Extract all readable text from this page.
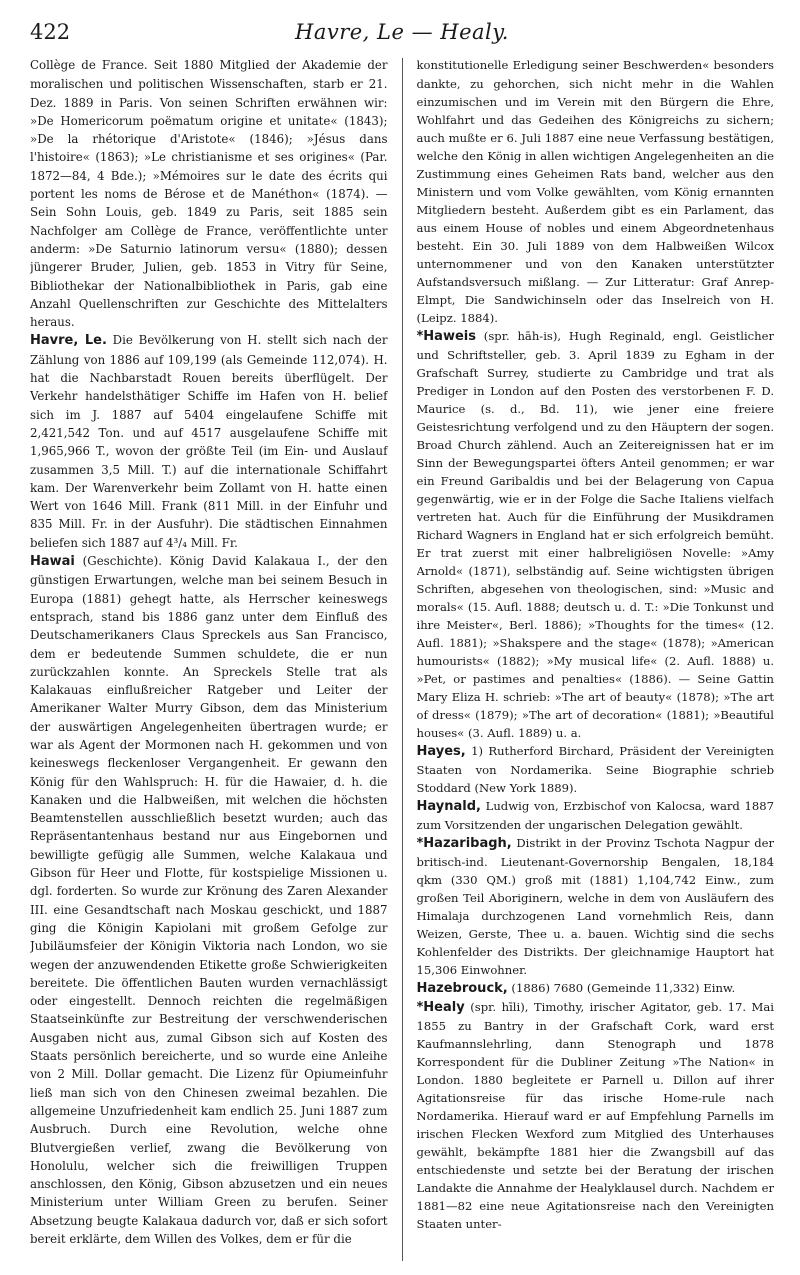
422	Havre, Le — Healy.

Collège de France. Seit 1880 Mitglied der Akademie der moralischen und politischen Wissenschaften, starb er 21. Dez. 1889 in Paris. Von seinen Schriften erwähnen wir: »De Homericorum poëmatum origine et unitate« (1843); »De la rhétorique d'Aristote« (1846); »Jésus dans l'histoire« (1863); »Le christianisme et ses origines« (Par. 1872—84, 4 Bde.); »Mémoires sur le date des écrits qui portent les noms de Bérose et de Manéthon« (1874). — Sein Sohn Louis, geb. 1849 zu Paris, seit 1885 sein Nachfolger am Collège de France, veröffentlichte unter anderm: »De Saturnio latinorum versu« (1880); dessen jüngerer Bruder, Julien, geb. 1853 in Vitry für Seine, Bibliothekar der Nationalbibliothek in Paris, gab eine Anzahl Quellenschriften zur Geschichte des Mittelalters heraus.

Havre, Le. Die Bevölkerung von H. stellt sich nach der Zählung von 1886 auf 109,199 (als Gemeinde 112,074). H. hat die Nachbarstadt Rouen bereits überflügelt. Der Verkehr handelsthätiger Schiffe im Hafen von H. belief sich im J. 1887 auf 5404 eingelaufene Schiffe mit 2,421,542 Ton. und auf 4517 ausgelaufene Schiffe mit 1,965,966 T., wovon der größte Teil (im Ein- und Auslauf zusammen 3,5 Mill. T.) auf die internationale Schiffahrt kam. Der Warenverkehr beim Zollamt von H. hatte einen Wert von 1646 Mill. Frank (811 Mill. in der Einfuhr und 835 Mill. Fr. in der Ausfuhr). Die städtischen Einnahmen beliefen sich 1887 auf 4³/₄ Mill. Fr.

Hawai (Geschichte). König David Kalakaua I., der den günstigen Erwartungen, welche man bei seinem Besuch in Europa (1881) gehegt hatte, als Herrscher keineswegs entsprach, stand bis 1886 ganz unter dem Einfluß des Deutschamerikaners Claus Spreckels aus San Francisco, dem er bedeutende Summen schuldete, die er nun zurückzahlen konnte. An Spreckels Stelle trat als Kalakauas einflußreicher Ratgeber und Leiter der Amerikaner Walter Murry Gibson, dem das Ministerium der auswärtigen Angelegenheiten übertragen wurde; er war als Agent der Mormonen nach H. gekommen und von keineswegs fleckenloser Vergangenheit. Er gewann den König für den Wahlspruch: H. für die Hawaier, d. h. die Kanaken und die Halbweißen, mit welchen die höchsten Beamtenstellen ausschließlich besetzt wurden; auch das Repräsentantenhaus bestand nur aus Eingebornen und bewilligte gefügig alle Summen, welche Kalakaua und Gibson für Heer und Flotte, für kostspielige Missionen u. dgl. forderten. So wurde zur Krönung des Zaren Alexander III. eine Gesandtschaft nach Moskau geschickt, und 1887 ging die Königin Kapiolani mit großem Gefolge zur Jubiläumsfeier der Königin Viktoria nach London, wo sie wegen der anzuwendenden Etikette große Schwierigkeiten bereitete. Die öffentlichen Bauten wurden vernachlässigt oder eingestellt. Dennoch reichten die regelmäßigen Staatseinkünfte zur Bestreitung der verschwenderischen Ausgaben nicht aus, zumal Gibson sich auf Kosten des Staats persönlich bereicherte, und so wurde eine Anleihe von 2 Mill. Dollar gemacht. Die Lizenz für Opiumeinfuhr ließ man sich von den Chinesen zweimal bezahlen. Die allgemeine Unzufriedenheit kam endlich 25. Juni 1887 zum Ausbruch. Durch eine Revolution, welche ohne Blutvergießen verlief, zwang die Bevölkerung von Honolulu, welcher sich die freiwilligen Truppen anschlossen, den König, Gibson abzusetzen und ein neues Ministerium unter William Green zu berufen. Seiner Absetzung beugte Kalakaua dadurch vor, daß er sich sofort bereit erklärte, dem Willen des Volkes, dem er für die

konstitutionelle Erledigung seiner Beschwerden« besonders dankte, zu gehorchen, sich nicht mehr in die Wahlen einzumischen und im Verein mit den Bürgern die Ehre, Wohlfahrt und das Gedeihen des Königreichs zu sichern; auch mußte er 6. Juli 1887 eine neue Verfassung bestätigen, welche den König in allen wichtigen Angelegenheiten an die Zustimmung eines Geheimen Rats band, welcher aus den Ministern und vom Volke gewählten, vom König ernannten Mitgliedern besteht. Außerdem gibt es ein Parlament, das aus einem House of nobles und einem Abgeordnetenhaus besteht. Ein 30. Juli 1889 von dem Halbweißen Wilcox unternommener und von den Kanaken unterstützter Aufstandsversuch mißlang. — Zur Litteratur: Graf Anrep-Elmpt, Die Sandwichinseln oder das Inselreich von H. (Leipz. 1884).

*Haweis (spr. hāh-is), Hugh Reginald, engl. Geistlicher und Schriftsteller, geb. 3. April 1839 zu Egham in der Grafschaft Surrey, studierte zu Cambridge und trat als Prediger in London auf den Posten des verstorbenen F. D. Maurice (s. d., Bd. 11), wie jener eine freiere Geistesrichtung verfolgend und zu den Häuptern der sogen. Broad Church zählend. Auch an Zeitereignissen hat er im Sinn der Bewegungspartei öfters Anteil genommen; er war ein Freund Garibaldis und bei der Belagerung von Capua gegenwärtig, wie er in der Folge die Sache Italiens vielfach vertreten hat. Auch für die Einführung der Musikdramen Richard Wagners in England hat er sich erfolgreich bemüht. Er trat zuerst mit einer halbreligiösen Novelle: »Amy Arnold« (1871), selbständig auf. Seine wichtigsten übrigen Schriften, abgesehen von theologischen, sind: »Music and morals« (15. Aufl. 1888; deutsch u. d. T.: »Die Tonkunst und ihre Meister«, Berl. 1886); »Thoughts for the times« (12. Aufl. 1881); »Shakspere and the stage« (1878); »American humourists« (1882); »My musical life« (2. Aufl. 1888) u. »Pet, or pastimes and penalties« (1886). — Seine Gattin Mary Eliza H. schrieb: »The art of beauty« (1878); »The art of dress« (1879); »The art of decoration« (1881); »Beautiful houses« (3. Aufl. 1889) u. a.

Hayes, 1) Rutherford Birchard, Präsident der Vereinigten Staaten von Nordamerika. Seine Biographie schrieb Stoddard (New York 1889).

Haynald, Ludwig von, Erzbischof von Kalocsa, ward 1887 zum Vorsitzenden der ungarischen Delegation gewählt.

*Hazaribagh, Distrikt in der Provinz Tschota Nagpur der britisch-ind. Lieutenant-Governorship Bengalen, 18,184 qkm (330 QM.) groß mit (1881) 1,104,742 Einw., zum großen Teil Aboriginern, welche in dem von Ausläufern des Himalaja durchzogenen Land vornehmlich Reis, dann Weizen, Gerste, Thee u. a. bauen. Wichtig sind die sechs Kohlenfelder des Distrikts. Der gleichnamige Hauptort hat 15,306 Einwohner.

Hazebrouck, (1886) 7680 (Gemeinde 11,332) Einw.

*Healy (spr. hīli), Timothy, irischer Agitator, geb. 17. Mai 1855 zu Bantry in der Grafschaft Cork, ward erst Kaufmannslehrling, dann Stenograph und 1878 Korrespondent für die Dubliner Zeitung »The Nation« in London. 1880 begleitete er Parnell u. Dillon auf ihrer Agitationsreise für das irische Home-rule nach Nordamerika. Hierauf ward er auf Empfehlung Parnells im irischen Flecken Wexford zum Mitglied des Unterhauses gewählt, bekämpfte 1881 hier die Zwangsbill auf das entschiedenste und setzte bei der Beratung der irischen Landakte die Annahme der Healyklausel durch. Nachdem er 1881—82 eine neue Agitationsreise nach den Vereinigten Staaten unter-
